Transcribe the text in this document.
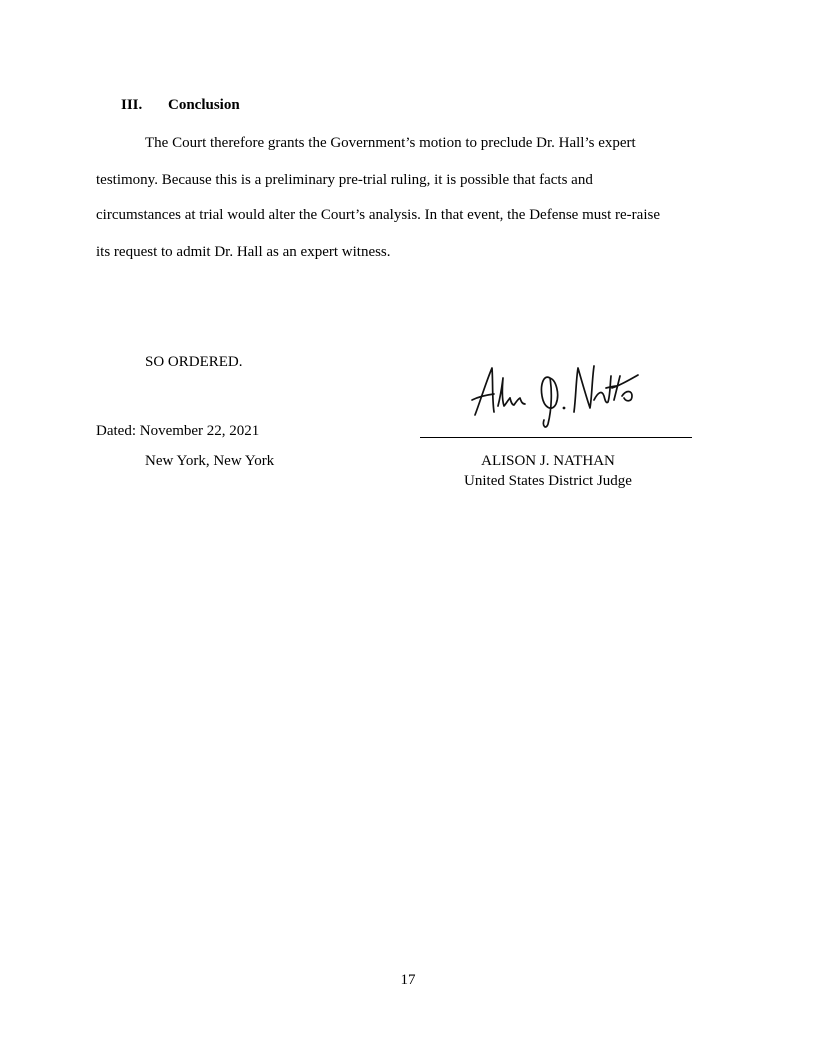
III. Conclusion
The Court therefore grants the Government’s motion to preclude Dr. Hall’s expert
testimony. Because this is a preliminary pre-trial ruling, it is possible that facts and
circumstances at trial would alter the Court’s analysis. In that event, the Defense must re-raise
its request to admit Dr. Hall as an expert witness.
SO ORDERED.
Dated: November 22, 2021
New York, New York	ALISON J. NATHAN
United States District Judge
17
